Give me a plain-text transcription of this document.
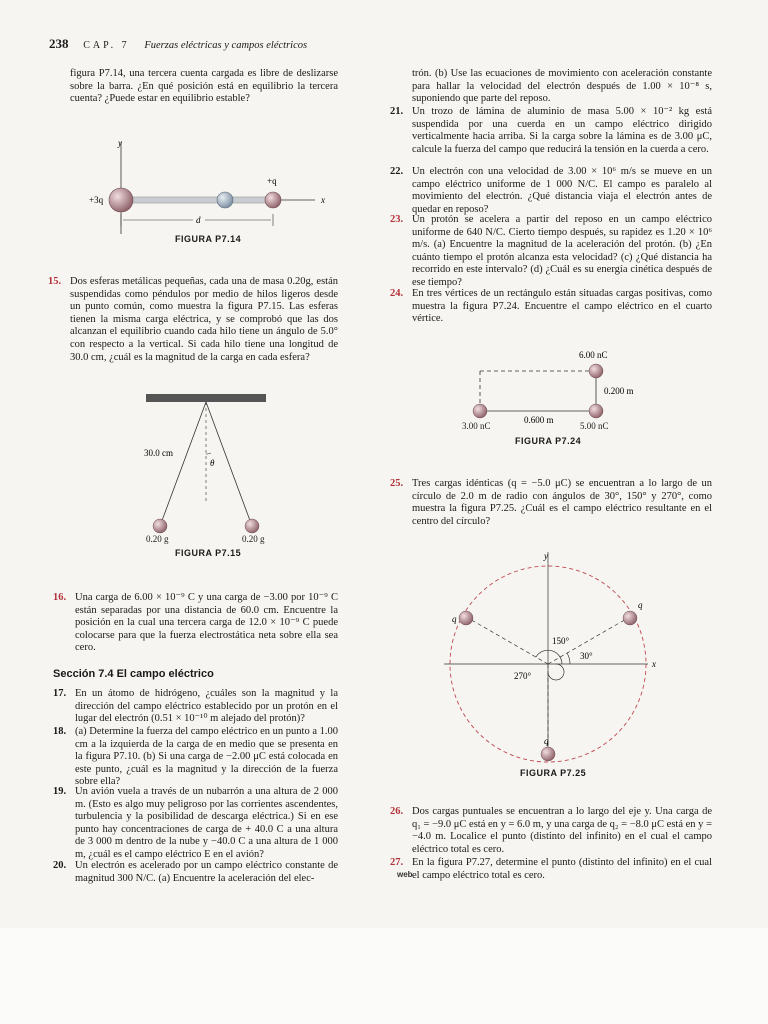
238 CAP. 7 Fuerzas eléctricas y campos eléctricos
figura P7.14, una tercera cuenta cargada es libre de deslizarse sobre la barra. ¿En qué posición está en equilibrio la tercera cuenta? ¿Puede estar en equilibrio estable?
y
x
+3q
+q
d
FIGURA P7.14
15. Dos esferas metálicas pequeñas, cada una de masa 0.20g, están suspendidas como péndulos por medio de hilos ligeros desde un punto común, como muestra la figura P7.15. Las esferas tienen la misma carga eléctrica, y se comprobó que las dos alcanzan el equilibrio cuando cada hilo tiene un ángulo de 5.0° con respecto a la vertical. Si cada hilo tiene una longitud de 30.0 cm, ¿cuál es la magnitud de la carga en cada esfera?
θ
30.0 cm
0.20 g	0.20 g
FIGURA P7.15
16. Una carga de 6.00 × 10⁻⁹ C y una carga de −3.00 por 10⁻⁹ C están separadas por una distancia de 60.0 cm. Encuentre la posición en la cual una tercera carga de 12.0 × 10⁻⁹ C puede colocarse para que la fuerza electrostática neta sobre ella sea cero.
Sección 7.4 El campo eléctrico
17. En un átomo de hidrógeno, ¿cuáles son la magnitud y la dirección del campo eléctrico establecido por un protón en el lugar del electrón (0.51 × 10⁻¹⁰ m alejado del protón)?
18. (a) Determine la fuerza del campo eléctrico en un punto a 1.00 cm a la izquierda de la carga de en medio que se presenta en la figura P7.10. (b) Si una carga de −2.00 μC está colocada en este punto, ¿cuál es la magnitud y la dirección de la fuerza sobre ella?
19. Un avión vuela a través de un nubarrón a una altura de 2 000 m. (Esto es algo muy peligroso por las corrientes ascendentes, turbulencia y la posibilidad de descarga eléctrica.) Si en ese punto hay concentraciones de carga de + 40.0 C a una altura de 3 000 m dentro de la nube y −40.0 C a una altura de 1 000 m, ¿cuál es el campo eléctrico E en el avión?
20. Un electrón es acelerado por un campo eléctrico constante de magnitud 300 N/C. (a) Encuentre la aceleración del elec-
trón. (b) Use las ecuaciones de movimiento con aceleración constante para hallar la velocidad del electrón después de 1.00 × 10⁻⁸ s, suponiendo que parte del reposo.
21. Un trozo de lámina de aluminio de masa 5.00 × 10⁻² kg está suspendida por una cuerda en un campo eléctrico dirigido verticalmente hacia arriba. Si la carga sobre la lámina es de 3.00 μC, calcule la fuerza del campo que reducirá la tensión en la cuerda a cero.
22. Un electrón con una velocidad de 3.00 × 10⁶ m/s se mueve en un campo eléctrico uniforme de 1 000 N/C. El campo es paralelo al movimiento del electrón. ¿Qué distancia viaja el electrón antes de quedar en reposo?
23. Un protón se acelera a partir del reposo en un campo eléctrico uniforme de 640 N/C. Cierto tiempo después, su rapidez es 1.20 × 10⁶ m/s. (a) Encuentre la magnitud de la aceleración del protón. (b) ¿En cuánto tiempo el protón alcanza esta velocidad? (c) ¿Qué distancia ha recorrido en este intervalo? (d) ¿Cuál es su energía cinética después de ese tiempo?
24. En tres vértices de un rectángulo están situadas cargas positivas, como muestra la figura P7.24. Encuentre el campo eléctrico en el cuarto vértice.
6.00 nC
0.200 m
0.600 m
3.00 nC	5.00 nC
FIGURA P7.24
25. Tres cargas idénticas (q = −5.0 μC) se encuentran a lo largo de un círculo de 2.0 m de radio con ángulos de 30°, 150° y 270°, como muestra la figura P7.25. ¿Cuál es el campo eléctrico resultante en el centro del círculo?
y
x
150°
30°
270°
q
q
q
FIGURA P7.25
26. Dos cargas puntuales se encuentran a lo largo del eje y. Una carga de q₁ = −9.0 μC está en y = 6.0 m, y una carga de q₂ = −8.0 μC está en y = −4.0 m. Localice el punto (distinto del infinito) en el cual el campo eléctrico total es cero.
27. En la figura P7.27, determine el punto (distinto del infinito) en el cual el campo eléctrico total es cero.
web
